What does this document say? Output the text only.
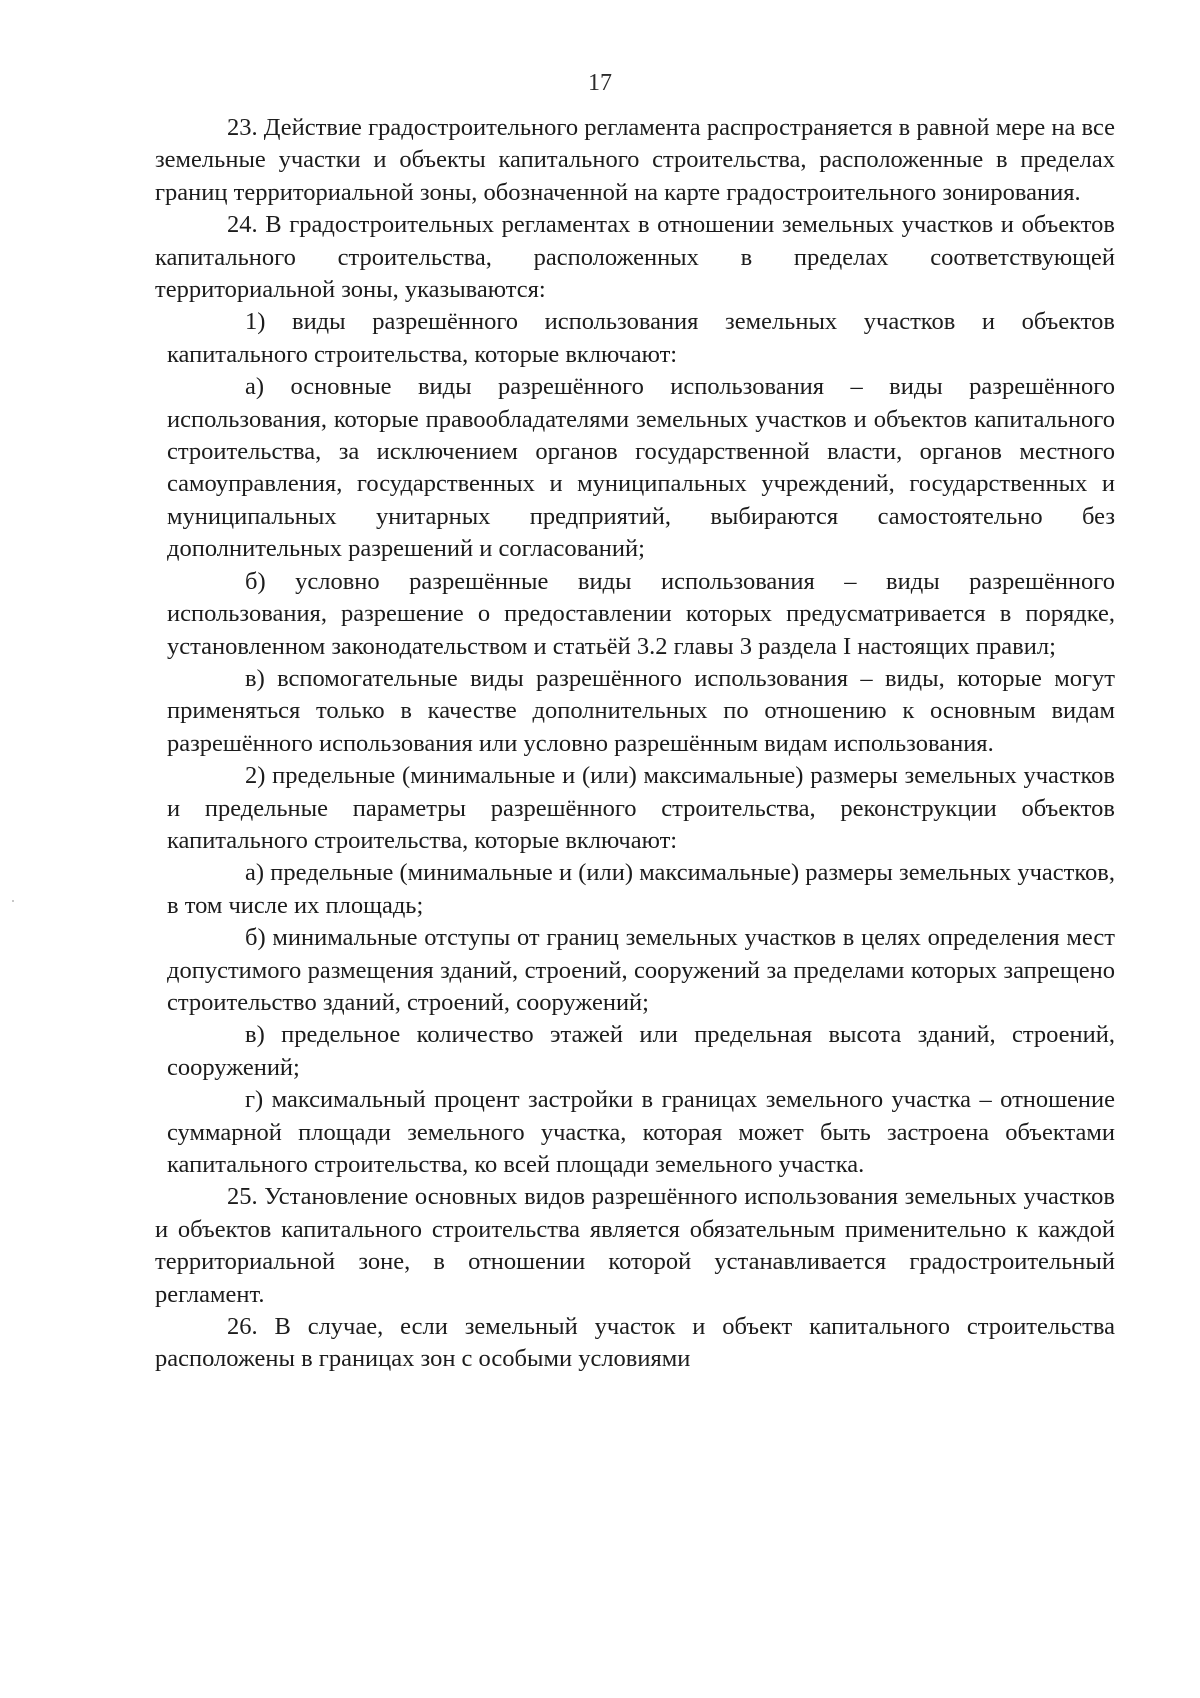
17

23. Действие градостроительного регламента распространяется в равной мере на все земельные участки и объекты капитального строительства, расположенные в пределах границ территориальной зоны, обозначенной на карте градостроительного зонирования.

24. В градостроительных регламентах в отношении земельных участков и объектов капитального строительства, расположенных в пределах соответствующей территориальной зоны, указываются:

1) виды разрешённого использования земельных участков и объектов капитального строительства, которые включают:

а) основные виды разрешённого использования – виды разрешённого использования, которые правообладателями земельных участков и объектов капитального строительства, за исключением органов государственной власти, органов местного самоуправления, государственных и муниципальных учреждений, государственных и муниципальных унитарных предприятий, выбираются самостоятельно без дополнительных разрешений и согласований;

б) условно разрешённые виды использования – виды разрешённого использования, разрешение о предоставлении которых предусматривается в порядке, установленном законодательством и статьёй 3.2 главы 3 раздела I настоящих правил;

в) вспомогательные виды разрешённого использования – виды, которые могут применяться только в качестве дополнительных по отношению к основным видам разрешённого использования или условно разрешённым видам использования.

2) предельные (минимальные и (или) максимальные) размеры земельных участков и предельные параметры разрешённого строительства, реконструкции объектов капитального строительства, которые включают:

а) предельные (минимальные и (или) максимальные) размеры земельных участков, в том числе их площадь;

б) минимальные отступы от границ земельных участков в целях определения мест допустимого размещения зданий, строений, сооружений за пределами которых запрещено строительство зданий, строений, сооружений;

в) предельное количество этажей или предельная высота зданий, строений, сооружений;

г) максимальный процент застройки в границах земельного участка – отношение суммарной площади земельного участка, которая может быть застроена объектами капитального строительства, ко всей площади земельного участка.

25. Установление основных видов разрешённого использования земельных участков и объектов капитального строительства является обязательным применительно к каждой территориальной зоне, в отношении которой устанавливается градостроительный регламент.

26. В случае, если земельный участок и объект капитального строительства расположены в границах зон с особыми условиями
